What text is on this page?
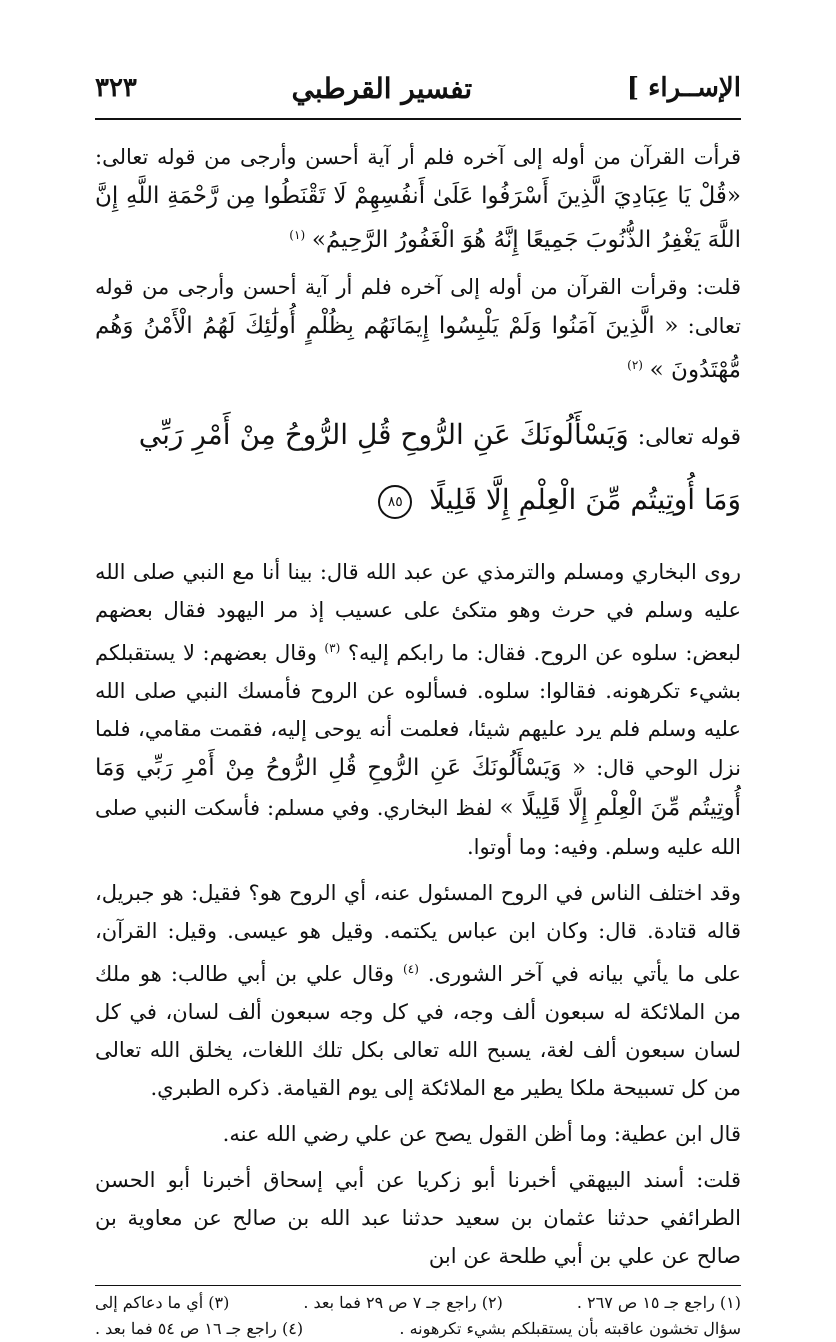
الإســراء ]
تفسير القرطبي
٣٢٣

قرأت القرآن من أوله إلى آخره فلم أر آية أحسن وأرجى من قوله تعالى: «قُلْ يَا عِبَادِيَ الَّذِينَ أَسْرَفُوا عَلَىٰ أَنفُسِهِمْ لَا تَقْنَطُوا مِن رَّحْمَةِ اللَّهِ إِنَّ اللَّهَ يَغْفِرُ الذُّنُوبَ جَمِيعًا إِنَّهُ هُوَ الْغَفُورُ الرَّحِيمُ» $^{(١)}$

قلت: وقرأت القرآن من أوله إلى آخره فلم أر آية أحسن وأرجى من قوله تعالى: « الَّذِينَ آمَنُوا وَلَمْ يَلْبِسُوا إِيمَانَهُم بِظُلْمٍ أُولَٰئِكَ لَهُمُ الْأَمْنُ وَهُم مُّهْتَدُونَ » $^{(٢)}$

قوله تعالى: وَيَسْأَلُونَكَ عَنِ الرُّوحِ قُلِ الرُّوحُ مِنْ أَمْرِ رَبِّي
وَمَا أُوتِيتُم مِّنَ الْعِلْمِ إِلَّا قَلِيلًا ٨٥

روى البخاري ومسلم والترمذي عن عبد الله قال: بينا أنا مع النبي صلى الله عليه وسلم في حرث وهو متكئ على عسيب إذ مر اليهود فقال بعضهم لبعض: سلوه عن الروح. فقال: ما رابكم إليه؟ $^{(٣)}$ وقال بعضهم: لا يستقبلكم بشيء تكرهونه. فقالوا: سلوه. فسألوه عن الروح فأمسك النبي صلى الله عليه وسلم فلم يرد عليهم شيئا، فعلمت أنه يوحى إليه، فقمت مقامي، فلما نزل الوحي قال: « وَيَسْأَلُونَكَ عَنِ الرُّوحِ قُلِ الرُّوحُ مِنْ أَمْرِ رَبِّي وَمَا أُوتِيتُم مِّنَ الْعِلْمِ إِلَّا قَلِيلًا » لفظ البخاري. وفي مسلم: فأسكت النبي صلى الله عليه وسلم. وفيه: وما أوتوا.

وقد اختلف الناس في الروح المسئول عنه، أي الروح هو؟ فقيل: هو جبريل، قاله قتادة. قال: وكان ابن عباس يكتمه. وقيل هو عيسى. وقيل: القرآن، على ما يأتي بيانه في آخر الشورى. $^{(٤)}$ وقال علي بن أبي طالب: هو ملك من الملائكة له سبعون ألف وجه، في كل وجه سبعون ألف لسان، في كل لسان سبعون ألف لغة، يسبح الله تعالى بكل تلك اللغات، يخلق الله تعالى من كل تسبيحة ملكا يطير مع الملائكة إلى يوم القيامة. ذكره الطبري.

قال ابن عطية: وما أظن القول يصح عن علي رضي الله عنه.

قلت: أسند البيهقي أخبرنا أبو زكريا عن أبي إسحاق أخبرنا أبو الحسن الطرائفي حدثنا عثمان بن سعيد حدثنا عبد الله بن صالح عن معاوية بن صالح عن علي بن أبي طلحة عن ابن

(١) راجع جـ ١٥ ص ٢٦٧ .
(٢) راجع جـ ٧ ص ٢٩ فما بعد .
(٣) أي ما دعاكم إلى
سؤال تخشون عاقبته بأن يستقبلكم بشيء تكرهونه .
(٤) راجع جـ ١٦ ص ٥٤ فما بعد .
